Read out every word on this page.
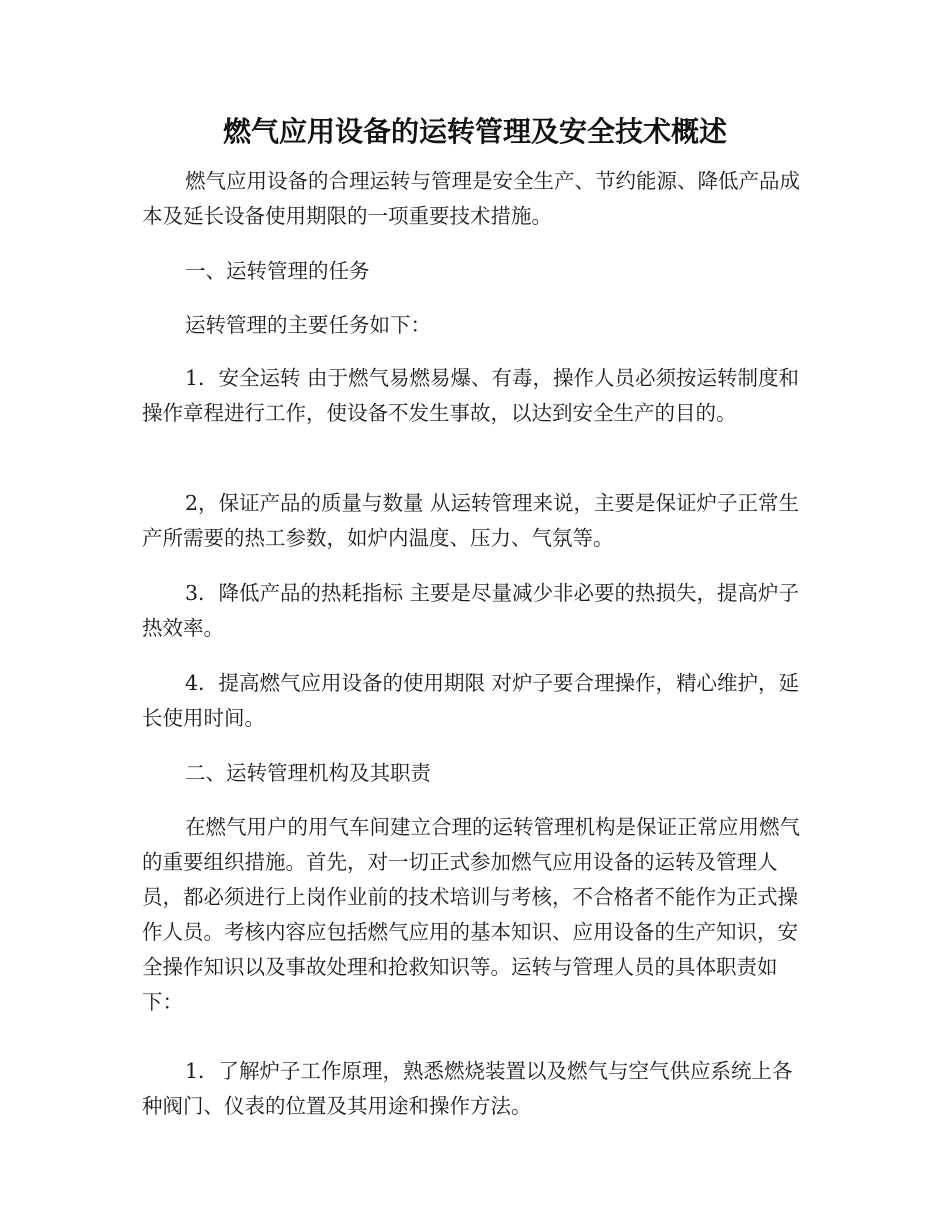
燃气应用设备的运转管理及安全技术概述

燃气应用设备的合理运转与管理是安全生产、节约能源、降低产品成本及延长设备使用期限的一项重要技术措施。

一、运转管理的任务

运转管理的主要任务如下：

1．安全运转 由于燃气易燃易爆、有毒，操作人员必须按运转制度和操作章程进行工作，使设备不发生事故，以达到安全生产的目的。

2，保证产品的质量与数量 从运转管理来说，主要是保证炉子正常生产所需要的热工参数，如炉内温度、压力、气氛等。

3．降低产品的热耗指标 主要是尽量减少非必要的热损失，提高炉子热效率。

4．提高燃气应用设备的使用期限 对炉子要合理操作，精心维护，延长使用时间。

二、运转管理机构及其职责

在燃气用户的用气车间建立合理的运转管理机构是保证正常应用燃气的重要组织措施。首先，对一切正式参加燃气应用设备的运转及管理人员，都必须进行上岗作业前的技术培训与考核，不合格者不能作为正式操作人员。考核内容应包括燃气应用的基本知识、应用设备的生产知识，安全操作知识以及事故处理和抢救知识等。运转与管理人员的具体职责如下：

1．了解炉子工作原理，熟悉燃烧装置以及燃气与空气供应系统上各种阀门、仪表的位置及其用途和操作方法。
